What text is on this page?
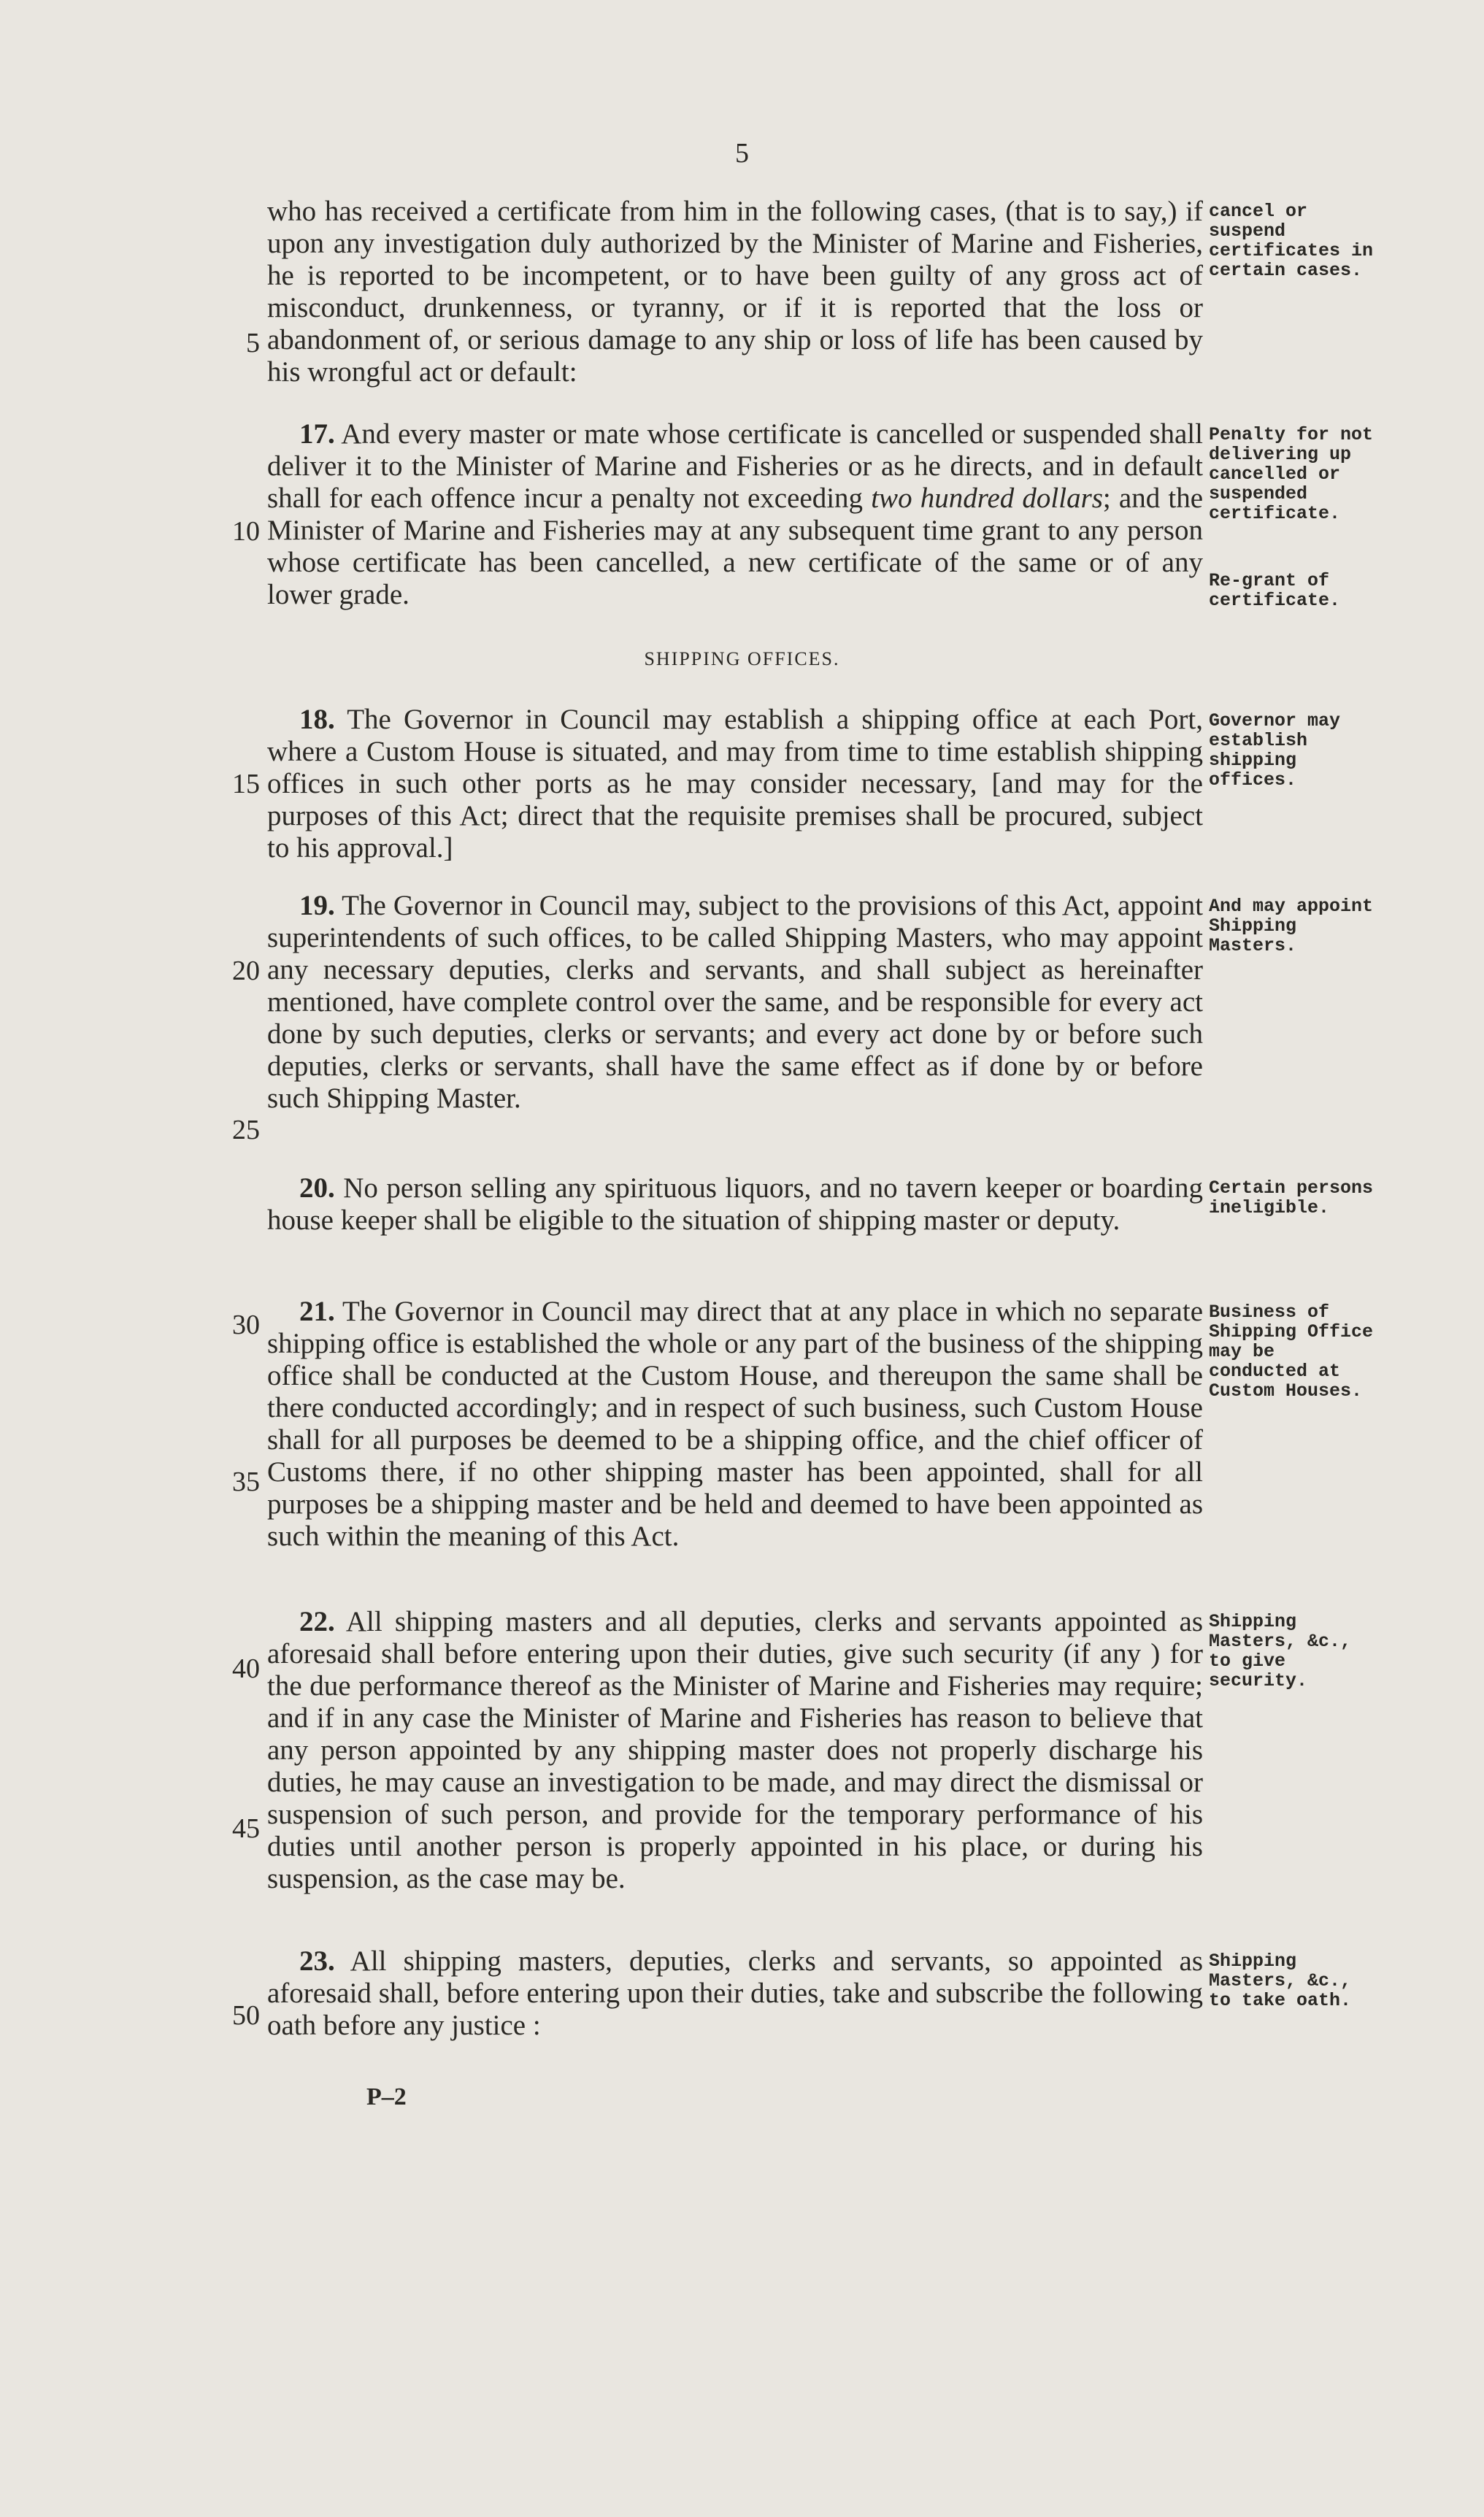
5

who has received a certificate from him in the following cases, (that is to say,) if upon any investigation duly authorized by the Minister of Marine and Fisheries, he is reported to be incompetent, or to have been guilty of any gross act of misconduct, drunkenness, or tyranny, or if it is reported that the loss or abandonment of, or serious damage to any ship or loss of life has been caused by his wrongful act or default:

cancel or suspend certificates in certain cases.

17. And every master or mate whose certificate is cancelled or suspended shall deliver it to the Minister of Marine and Fisheries or as he directs, and in default shall for each offence incur a penalty not exceeding two hundred dollars; and the Minister of Marine and Fisheries may at any subsequent time grant to any person whose certificate has been cancelled, a new certificate of the same or of any lower grade.

Penalty for not delivering up cancelled or suspended certificate.
Re-grant of certificate.
SHIPPING OFFICES.

18. The Governor in Council may establish a shipping office at each Port, where a Custom House is situated, and may from time to time establish shipping offices in such other ports as he may consider necessary, [and may for the purposes of this Act; direct that the requisite premises shall be procured, subject to his approval.]

Governor may establish shipping offices.

19. The Governor in Council may, subject to the provisions of this Act, appoint superintendents of such offices, to be called Shipping Masters, who may appoint any necessary deputies, clerks and servants, and shall subject as hereinafter mentioned, have complete control over the same, and be responsible for every act done by such deputies, clerks or servants; and every act done by or before such deputies, clerks or servants, shall have the same effect as if done by or before such Shipping Master.

And may appoint Shipping Masters.

20. No person selling any spirituous liquors, and no tavern keeper or boarding house keeper shall be eligible to the situation of shipping master or deputy.

Certain persons ineligible.

21. The Governor in Council may direct that at any place in which no separate shipping office is established the whole or any part of the business of the shipping office shall be conducted at the Custom House, and thereupon the same shall be there conducted accordingly; and in respect of such business, such Custom House shall for all purposes be deemed to be a shipping office, and the chief officer of Customs there, if no other shipping master has been appointed, shall for all purposes be a shipping master and be held and deemed to have been appointed as such within the meaning of this Act.

Business of Shipping Office may be conducted at Custom Houses.

22. All shipping masters and all deputies, clerks and servants appointed as aforesaid shall before entering upon their duties, give such security (if any ) for the due performance thereof as the Minister of Marine and Fisheries may require; and if in any case the Minister of Marine and Fisheries has reason to believe that any person appointed by any shipping master does not properly discharge his duties, he may cause an investigation to be made, and may direct the dismissal or suspension of such person, and provide for the temporary performance of his duties until another person is properly appointed in his place, or during his suspension, as the case may be.

Shipping Masters, &c., to give security.

23. All shipping masters, deputies, clerks and servants, so appointed as aforesaid shall, before entering upon their duties, take and subscribe the following oath before any justice :

Shipping Masters, &c., to take oath.
5
10
15
20
25
30
35
40
45
50
P–2
